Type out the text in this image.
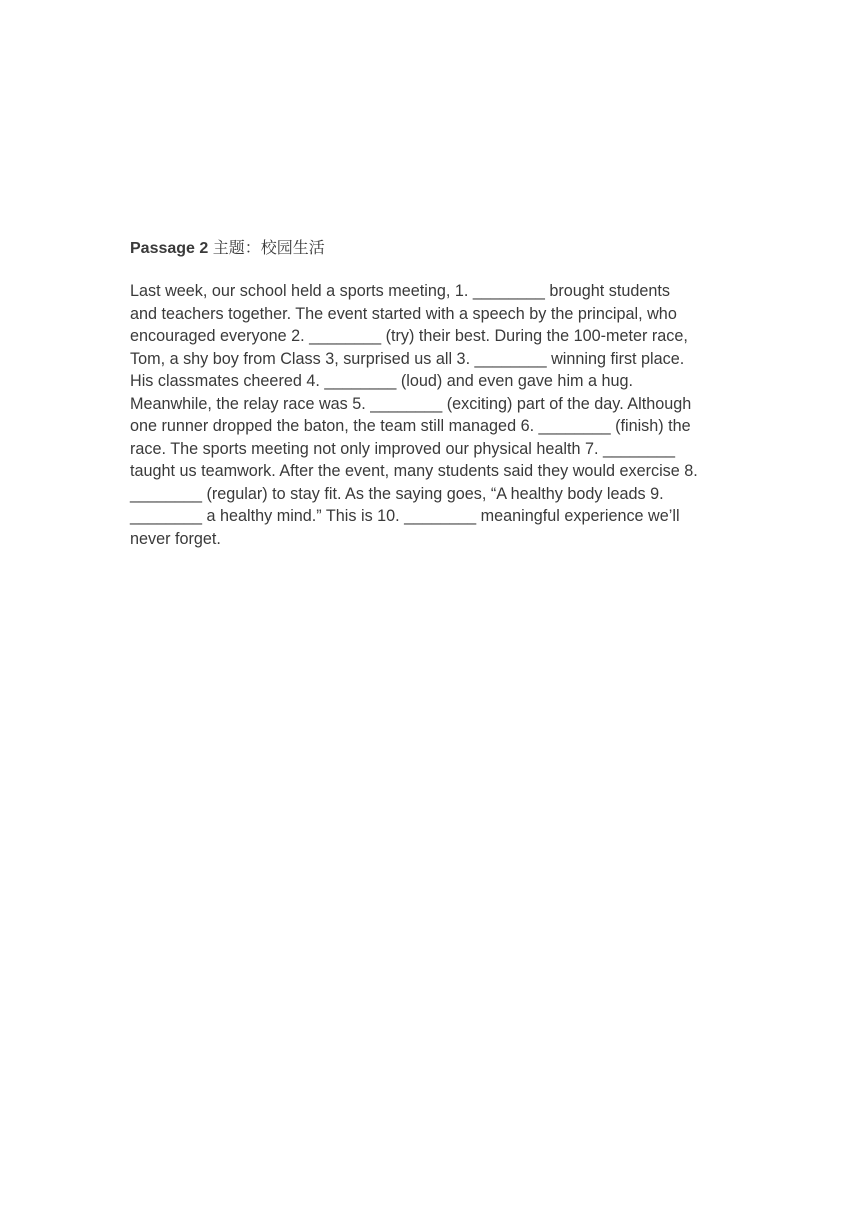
Passage 2 主题：校园生活
Last week, our school held a sports meeting, 1. ________ brought students
and teachers together. The event started with a speech by the principal, who
encouraged everyone 2. ________ (try) their best. During the 100-meter race,
Tom, a shy boy from Class 3, surprised us all 3. ________ winning first place.
His classmates cheered 4. ________ (loud) and even gave him a hug.
Meanwhile, the relay race was 5. ________ (exciting) part of the day. Although
one runner dropped the baton, the team still managed 6. ________ (finish) the
race. The sports meeting not only improved our physical health 7. ________
taught us teamwork. After the event, many students said they would exercise 8.
________ (regular) to stay fit. As the saying goes, “A healthy body leads 9.
________ a healthy mind.” This is 10. ________ meaningful experience we’ll
never forget.
